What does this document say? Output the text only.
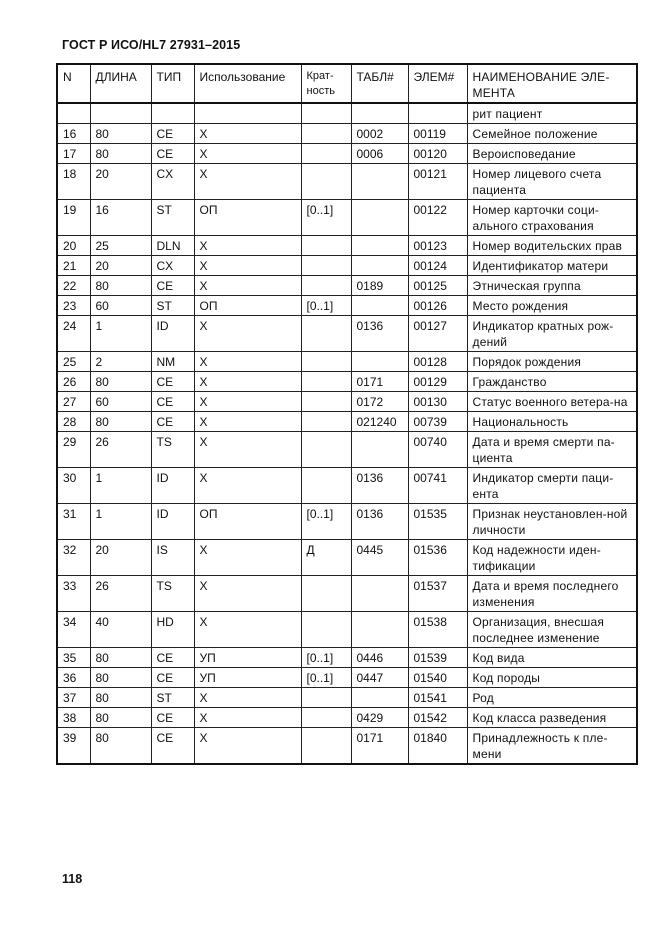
ГОСТ Р ИСО/HL7 27931–2015
N	ДЛИНА	ТИП	Использование	Крат-ность	ТАБЛ#	ЭЛЕМ#	НАИМЕНОВАНИЕ ЭЛЕ-МЕНТА
							рит пациент
16	80	CE	X		0002	00119	Семейное положение
17	80	CE	X		0006	00120	Вероисповедание
18	20	CX	X			00121	Номер лицевого счета пациента
19	16	ST	ОП	[0..1]		00122	Номер карточки соци-ального страхования
20	25	DLN	X			00123	Номер водительских прав
21	20	CX	X			00124	Идентификатор матери
22	80	CE	X		0189	00125	Этническая группа
23	60	ST	ОП	[0..1]		00126	Место рождения
24	1	ID	X		0136	00127	Индикатор кратных рож-дений
25	2	NM	X			00128	Порядок рождения
26	80	CE	X		0171	00129	Гражданство
27	60	CE	X		0172	00130	Статус военного ветера-на
28	80	CE	X		021240	00739	Национальность
29	26	TS	X			00740	Дата и время смерти па-циента
30	1	ID	X		0136	00741	Индикатор смерти паци-ента
31	1	ID	ОП	[0..1]	0136	01535	Признак неустановлен-ной личности
32	20	IS	X	Д	0445	01536	Код надежности иден-тификации
33	26	TS	X			01537	Дата и время последнего изменения
34	40	HD	X			01538	Организация, внесшая последнее изменение
35	80	CE	УП	[0..1]	0446	01539	Код вида
36	80	CE	УП	[0..1]	0447	01540	Код породы
37	80	ST	X			01541	Род
38	80	CE	X		0429	01542	Код класса разведения
39	80	CE	X		0171	01840	Принадлежность к пле-мени
118
